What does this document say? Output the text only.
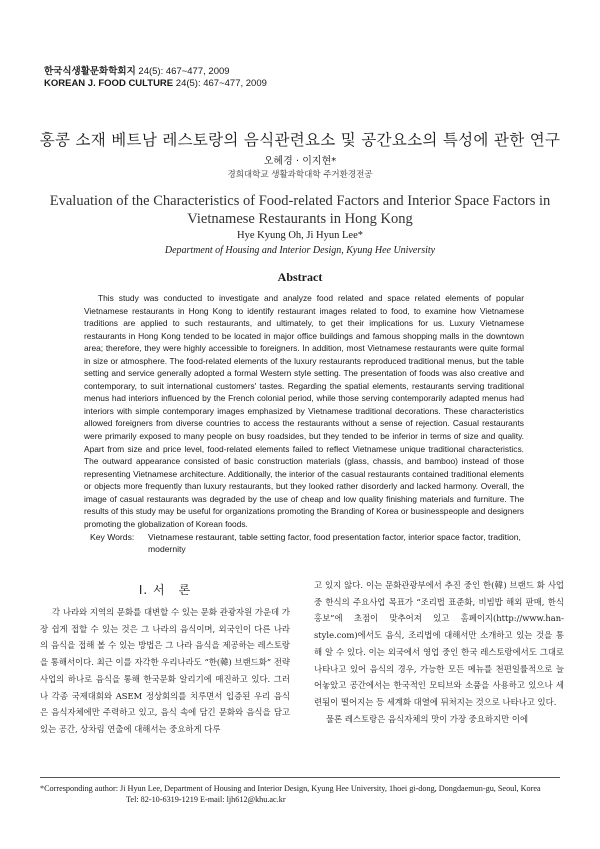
한국식생활문화학회지 24(5): 467~477, 2009
KOREAN J. FOOD CULTURE 24(5): 467~477, 2009
홍콩 소재 베트남 레스토랑의 음식관련요소 및 공간요소의 특성에 관한 연구
오혜경 · 이지현*
경희대학교 생활과학대학 주거환경전공
Evaluation of the Characteristics of Food-related Factors and Interior Space Factors in
Vietnamese Restaurants in Hong Kong
Hye Kyung Oh, Ji Hyun Lee*
Department of Housing and Interior Design, Kyung Hee University
Abstract
This study was conducted to investigate and analyze food related and space related elements of popular Vietnamese restaurants in Hong Kong to identify restaurant images related to food, to examine how Vietnamese traditions are applied to such restaurants, and ultimately, to get their implications for us. Luxury Vietnamese restaurants in Hong Kong tended to be located in major office buildings and famous shopping malls in the downtown area; therefore, they were highly accessible to foreigners. In addition, most Vietnamese restaurants were quite formal in size or atmosphere. The food-related elements of the luxury restaurants reproduced traditional menus, but the table setting and service generally adopted a formal Western style setting. The presentation of foods was also creative and contemporary, to suit international customers' tastes. Regarding the spatial elements, restaurants serving traditional menus had interiors influenced by the French colonial period, while those serving contemporarily adapted menus had interiors with simple contemporary images emphasized by Vietnamese traditional decorations. These characteristics allowed foreigners from diverse countries to access the restaurants without a sense of rejection. Casual restaurants were primarily exposed to many people on busy roadsides, but they tended to be inferior in terms of size and quality. Apart from size and price level, food-related elements failed to reflect Vietnamese unique traditional characteristics. The outward appearance consisted of basic construction materials (glass, chassis, and bamboo) instead of those representing Vietnamese architecture. Additionally, the interior of the casual restaurants contained traditional elements or objects more frequently than luxury restaurants, but they looked rather disorderly and lacked harmony. Overall, the image of casual restaurants was degraded by the use of cheap and low quality finishing materials and furniture. The results of this study may be useful for organizations promoting the Branding of Korea or businesspeople and designers promoting the globalization of Korean foods.
Key Words:	Vietnamese restaurant, table setting factor, food presentation factor, interior space factor, tradition, modernity
I. 서　론
각 나라와 지역의 문화를 대변할 수 있는 문화 관광자원 가운데 가장 쉽게 접할 수 있는 것은 그 나라의 음식이며, 외국인이 다른 나라의 음식을 접해 볼 수 있는 방법은 그 나라 음식을 제공하는 레스토랑을 통해서이다. 최근 이를 자각한 우리나라도 “한(韓) 브랜드화” 전략사업의 하나로 음식을 통해 한국문화 알리기에 매진하고 있다. 그러나 각종 국제대회와 ASEM 정상회의를 치루면서 입증된 우리 음식은 음식자체에만 주력하고 있고, 음식 속에 담긴 문화와 음식을 담고 있는 공간, 상차림 연출에 대해서는 중요하게 다루
고 있지 않다. 이는 문화관광부에서 추진 중인 한(韓) 브랜드 화 사업 중 한식의 주요사업 목표가 “조리법 표준화, 비빔밥 해외 판매, 한식 홍보”에 초점이 맞추어져 있고 홈페이지(http://www.han-style.com)에서도 음식, 조리법에 대해서만 소개하고 있는 것을 통해 알 수 있다. 이는 외국에서 영업 중인 한국 레스토랑에서도 그대로 나타나고 있어 음식의 경우, 가능한 모든 메뉴를 천편일률적으로 늘어놓았고 공간에서는 한국적인 모티브와 소품을 사용하고 있으나 세련됨이 떨어지는 등 세계화 대열에 뒤처지는 것으로 나타나고 있다.
물론 레스토랑은 음식자체의 맛이 가장 중요하지만 이에
*Corresponding author: Ji Hyun Lee, Department of Housing and Interior Design, Kyung Hee University, 1hoei gi-dong, Dongdaemun-gu, Seoul, Korea
Tel: 82-10-6319-1219 E-mail: ljh612@khu.ac.kr
